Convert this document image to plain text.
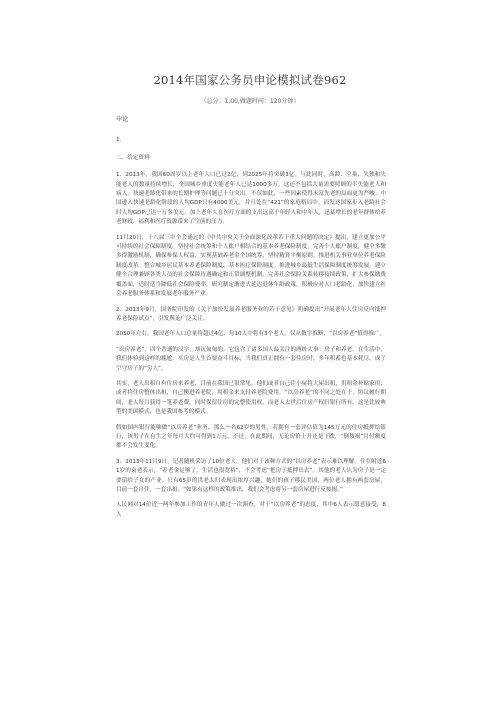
2014年国家公务员申论模拟试卷962
（总分：1.00,做题时间：120分钟）

申论

1.

二、给定资料

1．2013年，我国60周岁以上老年人口已过2亿，到2025年将突破3亿。与此同时，高龄、空巢、失独和失能老人的数量持续增长，全国城乡重度失能老年人已达1000多万，这还不包括大量需要照顾的半失能老人和病人。快速老龄化带来的长期护理等问题已十分突出。不仅如此，一些因素使得未富先老的局面更为严峻：中国进入快速老龄化阶段的人均GDP只有4000美元，并且处在“421”的家庭格局中，而发达国家步入老龄社会时人均GDP已达一万多美元。加上老年人在医疗方面的支出远高于年轻人和中年人，迅猛增长的老年群体给养老财政、福利和医疗资源带来了空前的压力。

11月20日，十八届三中全会通过的《中共中央关于全面深化改革若干重大问题的决定》提出，建立更加公平可持续的社会保障制度。坚持社会统筹和个人账户相结合的基本养老保险制度，完善个人账户制度，健全多缴多得激励机制，确保参保人权益，实现基础养老金全国统筹，坚持精算平衡原则。推进机关事业单位养老保险制度改革。整合城乡居民基本养老保险制度、基本医疗保险制度。推进城乡最低生活保障制度统筹发展。建立健全合理兼顾各类人员的社会保障待遇确定和正常调整机制。完善社会保险关系转移接续政策，扩大参保缴费覆盖面，适时适当降低社会保险费率。研究制定渐进式延迟退休年龄政策。积极应对人口老龄化，加快建立社会养老服务体系和发展老年服务产业。

2．2013年9月，国务院印发的《关于加快发展养老服务业的若干意见》明确提出“开展老年人住房反向抵押养老保险试点”，引发舆论广泛关注。

2050年左右，我国老年人口总量将超过4亿，每10人中将有3个老人。仅从数字推断，“以房养老”值得推广。

“以房养老”，四个普通的汉字，却沉甸甸的。它包含了诸多国人最关注的两桩大事：房子和养老。在生活中，我们体验到这样的尴尬：买房是人生首要奋斗目标，当我们真正拥有一套住房时，多年积蓄也基本耗尽，成了空守房子的“穷人”。

其实，老人出租自有住房来养老，目前在我国已很常见。他们或者自己住小屋将大屋出租，用租金补贴家用；或者将住房整体出租，自己搬进养老院，用租金来支付养老院费用。“以房养老”的不同之处在于，协议履行期间，老人每月获得一笔养老费，同时保留住房的完整使用权，而老人去世后住房产权归银行所有。这是比较典型的美国模式，也是我国参考的模式。

假如国内银行能够做“以房养老”业务，那么一名62岁的男性，若拥有一套评估值为145万元的住房抵押给银行，该男子在有生之年每月大约可得到1万元。不过，在此期间，无论房价上升还是下跌，“倒按揭”月付额度都不会发生变化。

3．2013年11月9日，记者随机采访了10位老人，他们对于该种方式的“以房养老”表示难以理解。住在附近61岁的袁老表示，“养老金足够了，生活也很宽裕”，不会考虑“把房子抵押出去”。其他的老人认为房子是一定要留给子女的产业。只有65岁的洪老太归表现出浓厚兴趣，她们的孩子移民美国，两位老人拥有两套房屋，目前一套自住，一套出租。“如果有这样的政策推出，我们会考虑将另一套房屋进行反按揭。”

人民网对14位近一两年参加工作的青年人做过一次调查，对于“以房养老”的态度，其中6人表示愿意接受，8人
